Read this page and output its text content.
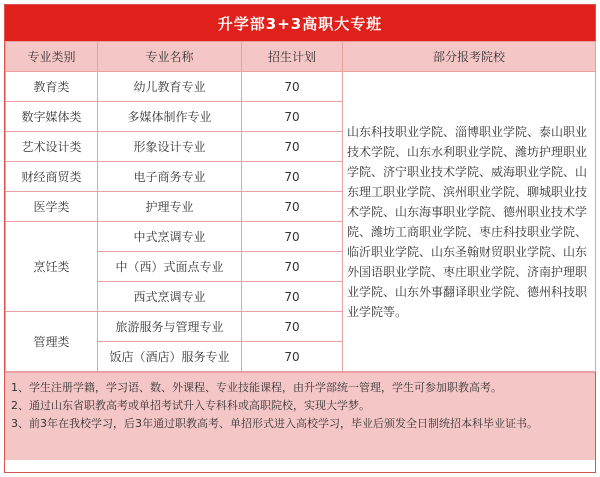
升学部3+3高职大专班
专业类别	专业名称	招生计划	部分报考院校
教育类	幼儿教育专业	70	山东科技职业学院、淄博职业学院、泰山职业技术学院、山东水利职业学院、潍坊护理职业学院、济宁职业技术学院、威海职业学院、山东理工职业学院、滨州职业学院、聊城职业技术学院、山东海事职业学院、德州职业技术学院、潍坊工商职业学院、枣庄科技职业学院、临沂职业学院、山东圣翰财贸职业学院、山东外国语职业学院、枣庄职业学院、济南护理职业学院、山东外事翻译职业学院、德州科技职业学院等。
数字媒体类	多媒体制作专业	70	
艺术设计类	形象设计专业	70	
财经商贸类	电子商务专业	70	
医学类	护理专业	70	
烹饪类	中式烹调专业	70	
	中（西）式面点专业	70	
	西式烹调专业	70	
管理类	旅游服务与管理专业	70	
	饭店（酒店）服务专业	70	
1、学生注册学籍，学习语、数、外课程、专业技能课程，由升学部统一管理，学生可参加职教高考。
2、通过山东省职教高考或单招考试升入专科科或高职院校，实现大学梦。
3、前3年在我校学习，后3年通过职教高考、单招形式进入高校学习，毕业后颁发全日制统招本科毕业证书。
